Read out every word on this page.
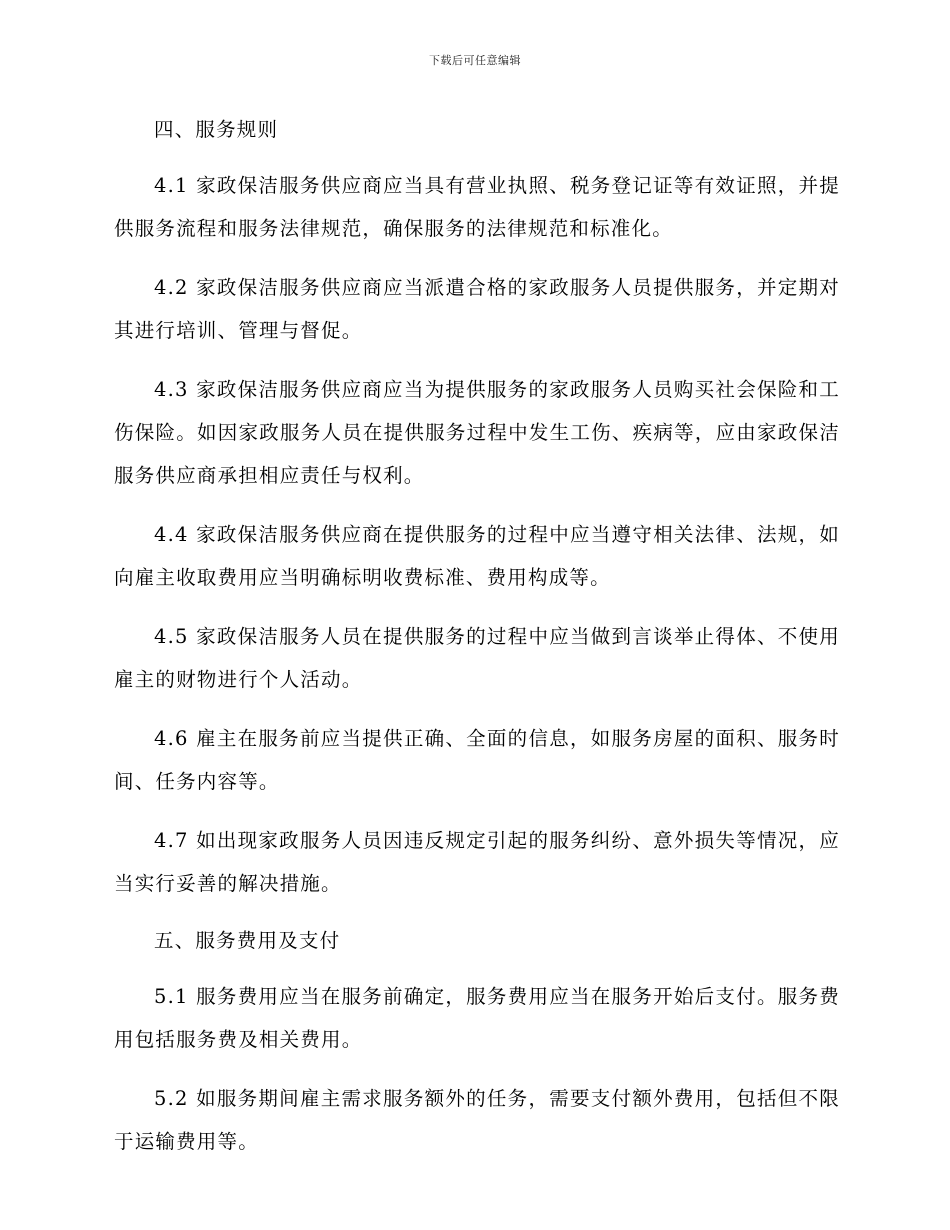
下载后可任意编辑
四、服务规则

4.1 家政保洁服务供应商应当具有营业执照、税务登记证等有效证照，并提供服务流程和服务法律规范，确保服务的法律规范和标准化。

4.2 家政保洁服务供应商应当派遣合格的家政服务人员提供服务，并定期对其进行培训、管理与督促。

4.3 家政保洁服务供应商应当为提供服务的家政服务人员购买社会保险和工伤保险。如因家政服务人员在提供服务过程中发生工伤、疾病等，应由家政保洁服务供应商承担相应责任与权利。

4.4 家政保洁服务供应商在提供服务的过程中应当遵守相关法律、法规，如向雇主收取费用应当明确标明收费标准、费用构成等。

4.5 家政保洁服务人员在提供服务的过程中应当做到言谈举止得体、不使用雇主的财物进行个人活动。

4.6 雇主在服务前应当提供正确、全面的信息，如服务房屋的面积、服务时间、任务内容等。

4.7 如出现家政服务人员因违反规定引起的服务纠纷、意外损失等情况，应当实行妥善的解决措施。

五、服务费用及支付

5.1 服务费用应当在服务前确定，服务费用应当在服务开始后支付。服务费用包括服务费及相关费用。

5.2 如服务期间雇主需求服务额外的任务，需要支付额外费用，包括但不限于运输费用等。
